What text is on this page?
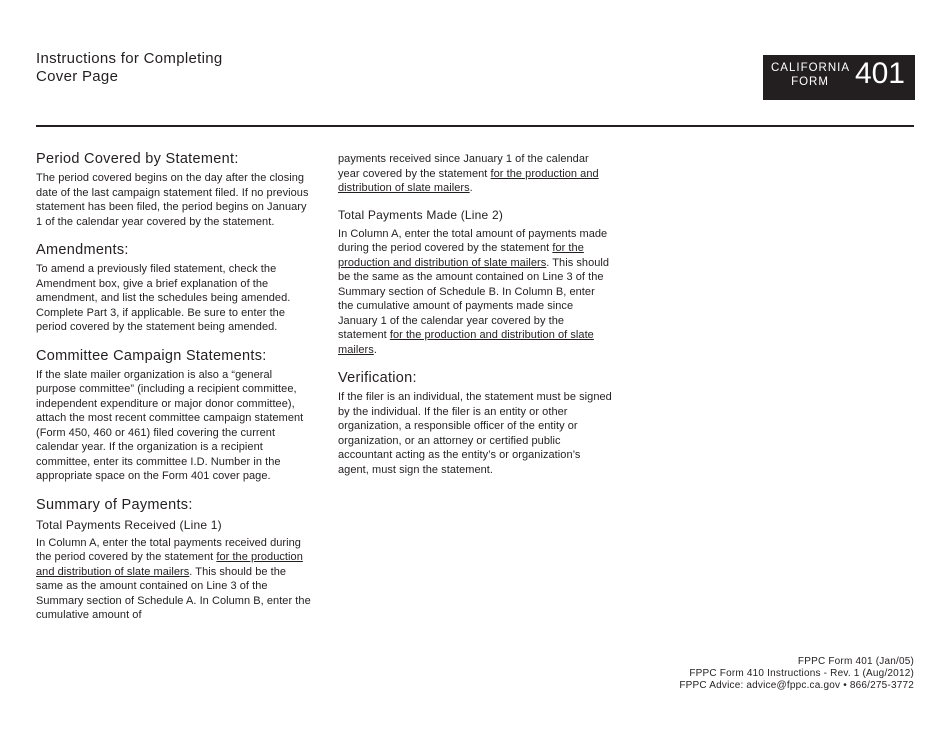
Instructions for Completing
Cover Page	CALIFORNIA
FORM 401
Period Covered by Statement:

The period covered begins on the day after the closing date of the last campaign statement filed. If no previous statement has been filed, the period begins on January 1 of the calendar year covered by the statement.

Amendments:

To amend a previously filed statement, check the Amendment box, give a brief explanation of the amendment, and list the schedules being amended. Complete Part 3, if applicable. Be sure to enter the period covered by the statement being amended.

Committee Campaign Statements:

If the slate mailer organization is also a “general purpose committee” (including a recipient committee, independent expenditure or major donor committee), attach the most recent committee campaign statement (Form 450, 460 or 461) filed covering the current calendar year. If the organization is a recipient committee, enter its committee I.D. Number in the appropriate space on the Form 401 cover page.

Summary of Payments:
Total Payments Received (Line 1)

In Column A, enter the total payments received during the period covered by the statement for the production and distribution of slate mailers. This should be the same as the amount contained on Line 3 of the Summary section of Schedule A. In Column B, enter the cumulative amount of

payments received since January 1 of the calendar year covered by the statement for the production and distribution of slate mailers.

Total Payments Made (Line 2)

In Column A, enter the total amount of payments made during the period covered by the statement for the production and distribution of slate mailers. This should be the same as the amount contained on Line 3 of the Summary section of Schedule B. In Column B, enter the cumulative amount of payments made since January 1 of the calendar year covered by the statement for the production and distribution of slate mailers.

Verification:

If the filer is an individual, the statement must be signed by the individual. If the filer is an entity or other organization, a responsible officer of the entity or organization, or an attorney or certified public accountant acting as the entity’s or organization’s agent, must sign the statement.

FPPC Form 401 (Jan/05)
FPPC Form 410 Instructions - Rev. 1 (Aug/2012)
FPPC Advice: advice@fppc.ca.gov • 866/275-3772
